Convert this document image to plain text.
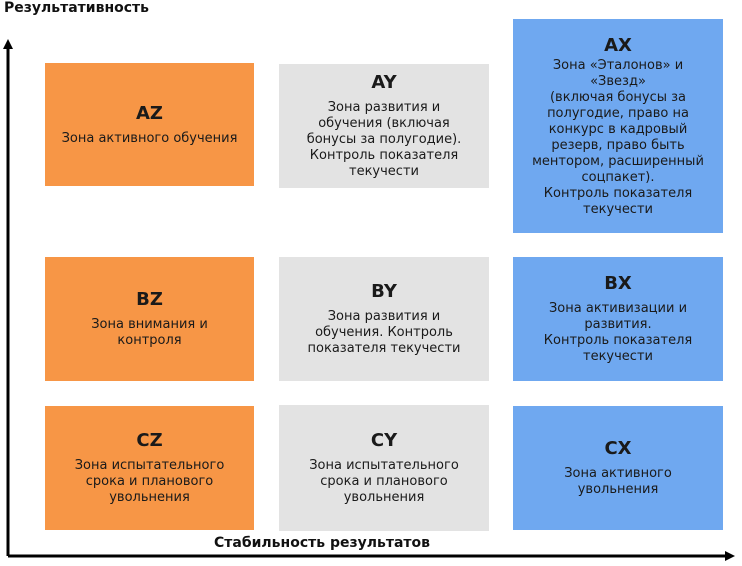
Результативность
AZ
Зона активного обучения
AY
Зона развития и
обучения (включая
бонусы за полугодие).
Контроль показателя
текучести
AX
Зона «Эталонов» и
«Звезд»
(включая бонусы за
полугодие, право на
конкурс в кадровый
резерв, право быть
ментором, расширенный
соцпакет).
Контроль показателя
текучести
BZ
Зона внимания и
контроля
BY
Зона развития и
обучения. Контроль
показателя текучести
BX
Зона активизации и
развития.
Контроль показателя
текучести
CZ
Зона испытательного
срока и планового
увольнения
CY
Зона испытательного
срока и планового
увольнения
CX
Зона активного
увольнения
Стабильность результатов
